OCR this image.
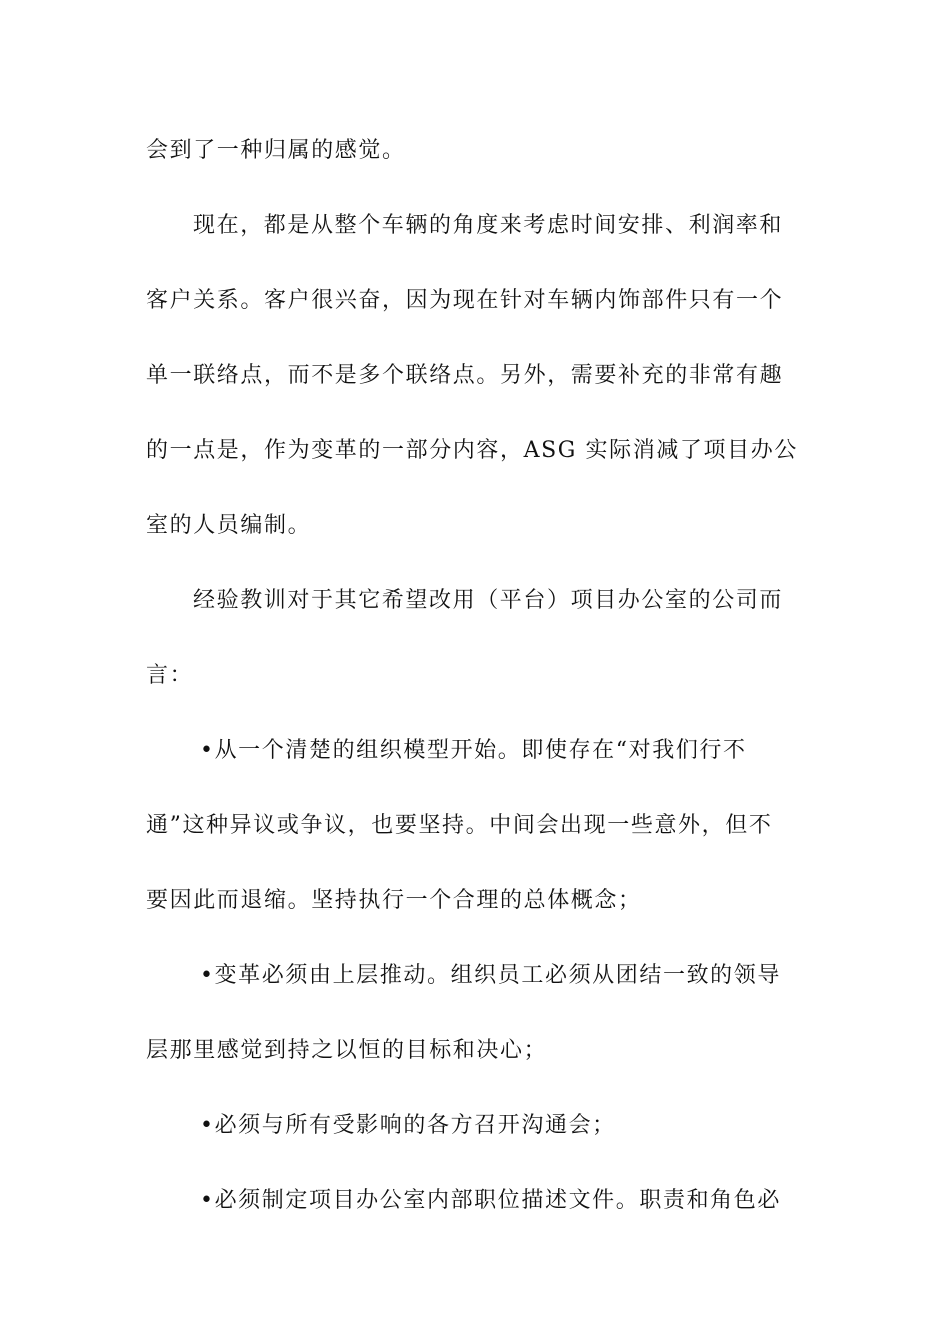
会到了一种归属的感觉。
现在，都是从整个车辆的角度来考虑时间安排、利润率和
客户关系。客户很兴奋，因为现在针对车辆内饰部件只有一个
单一联络点，而不是多个联络点。另外，需要补充的非常有趣
的一点是，作为变革的一部分内容，ASG 实际消减了项目办公
室的人员编制。
经验教训对于其它希望改用（平台）项目办公室的公司而
言：
•从一个清楚的组织模型开始。即使存在“对我们行不
通”这种异议或争议，也要坚持。中间会出现一些意外，但不
要因此而退缩。坚持执行一个合理的总体概念；
•变革必须由上层推动。组织员工必须从团结一致的领导
层那里感觉到持之以恒的目标和决心；
•必须与所有受影响的各方召开沟通会；
•必须制定项目办公室内部职位描述文件。职责和角色必
